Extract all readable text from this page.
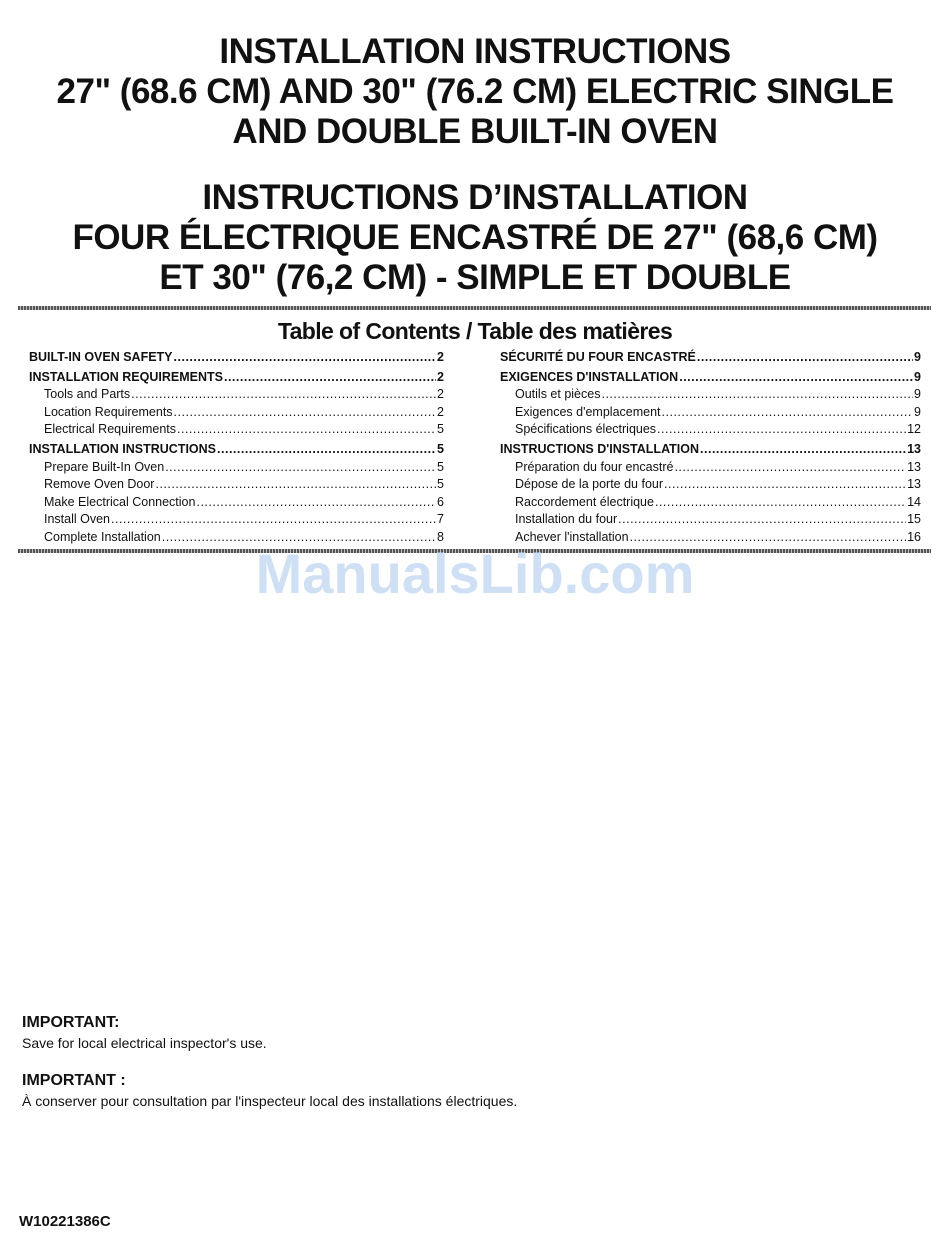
INSTALLATION INSTRUCTIONS
27" (68.6 CM) AND 30" (76.2 CM) ELECTRIC SINGLE
AND DOUBLE BUILT-IN OVEN
INSTRUCTIONS D’INSTALLATION
FOUR ÉLECTRIQUE ENCASTRÉ DE 27" (68,6 CM)
ET 30" (76,2 CM) - SIMPLE ET DOUBLE
Table of Contents / Table des matières
BUILT-IN OVEN SAFETY .....	2
INSTALLATION REQUIREMENTS .....	2
Tools and Parts .....	2
Location Requirements .....	2
Electrical Requirements .....	5
INSTALLATION INSTRUCTIONS .....	5
Prepare Built-In Oven .....	5
Remove Oven Door .....	5
Make Electrical Connection .....	6
Install Oven .....	7
Complete Installation .....	8
SÉCURITÉ DU FOUR ENCASTRÉ .....	9
EXIGENCES D'INSTALLATION .....	9
Outils et pièces .....	9
Exigences d'emplacement .....	9
Spécifications électriques .....	12
INSTRUCTIONS D'INSTALLATION .....	13
Préparation du four encastré .....	13
Dépose de la porte du four .....	13
Raccordement électrique .....	14
Installation du four .....	15
Achever l'installation .....	16
ManualsLib.com
IMPORTANT:
Save for local electrical inspector's use.
IMPORTANT :
À conserver pour consultation par l'inspecteur local des installations électriques.
W10221386C
